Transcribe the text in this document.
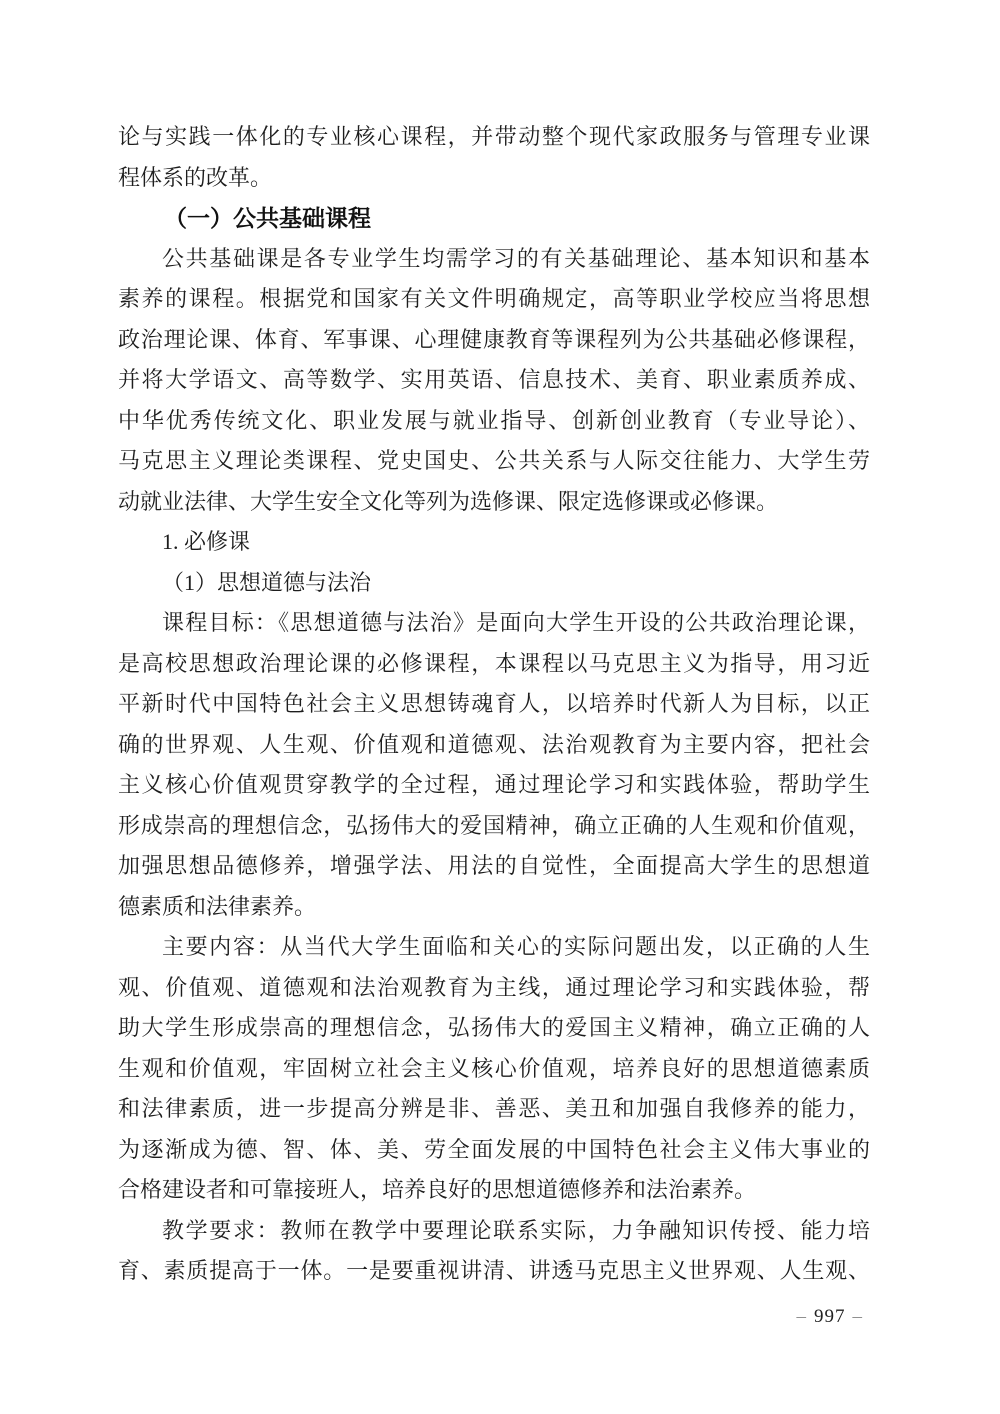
论与实践一体化的专业核心课程，并带动整个现代家政服务与管理专业课
程体系的改革。
（一）公共基础课程
公共基础课是各专业学生均需学习的有关基础理论、基本知识和基本
素养的课程。根据党和国家有关文件明确规定，高等职业学校应当将思想
政治理论课、体育、军事课、心理健康教育等课程列为公共基础必修课程，
并将大学语文、高等数学、实用英语、信息技术、美育、职业素质养成、
中华优秀传统文化、职业发展与就业指导、创新创业教育（专业导论）、
马克思主义理论类课程、党史国史、公共关系与人际交往能力、大学生劳
动就业法律、大学生安全文化等列为选修课、限定选修课或必修课。
1. 必修课
（1）思想道德与法治
课程目标：《思想道德与法治》是面向大学生开设的公共政治理论课，
是高校思想政治理论课的必修课程，本课程以马克思主义为指导，用习近
平新时代中国特色社会主义思想铸魂育人，以培养时代新人为目标，以正
确的世界观、人生观、价值观和道德观、法治观教育为主要内容，把社会
主义核心价值观贯穿教学的全过程，通过理论学习和实践体验，帮助学生
形成崇高的理想信念，弘扬伟大的爱国精神，确立正确的人生观和价值观，
加强思想品德修养，增强学法、用法的自觉性，全面提高大学生的思想道
德素质和法律素养。
主要内容：从当代大学生面临和关心的实际问题出发，以正确的人生
观、价值观、道德观和法治观教育为主线，通过理论学习和实践体验，帮
助大学生形成崇高的理想信念，弘扬伟大的爱国主义精神，确立正确的人
生观和价值观，牢固树立社会主义核心价值观，培养良好的思想道德素质
和法律素质，进一步提高分辨是非、善恶、美丑和加强自我修养的能力，
为逐渐成为德、智、体、美、劳全面发展的中国特色社会主义伟大事业的
合格建设者和可靠接班人，培养良好的思想道德修养和法治素养。
教学要求：教师在教学中要理论联系实际，力争融知识传授、能力培
育、素质提高于一体。一是要重视讲清、讲透马克思主义世界观、人生观、
– 997 –
